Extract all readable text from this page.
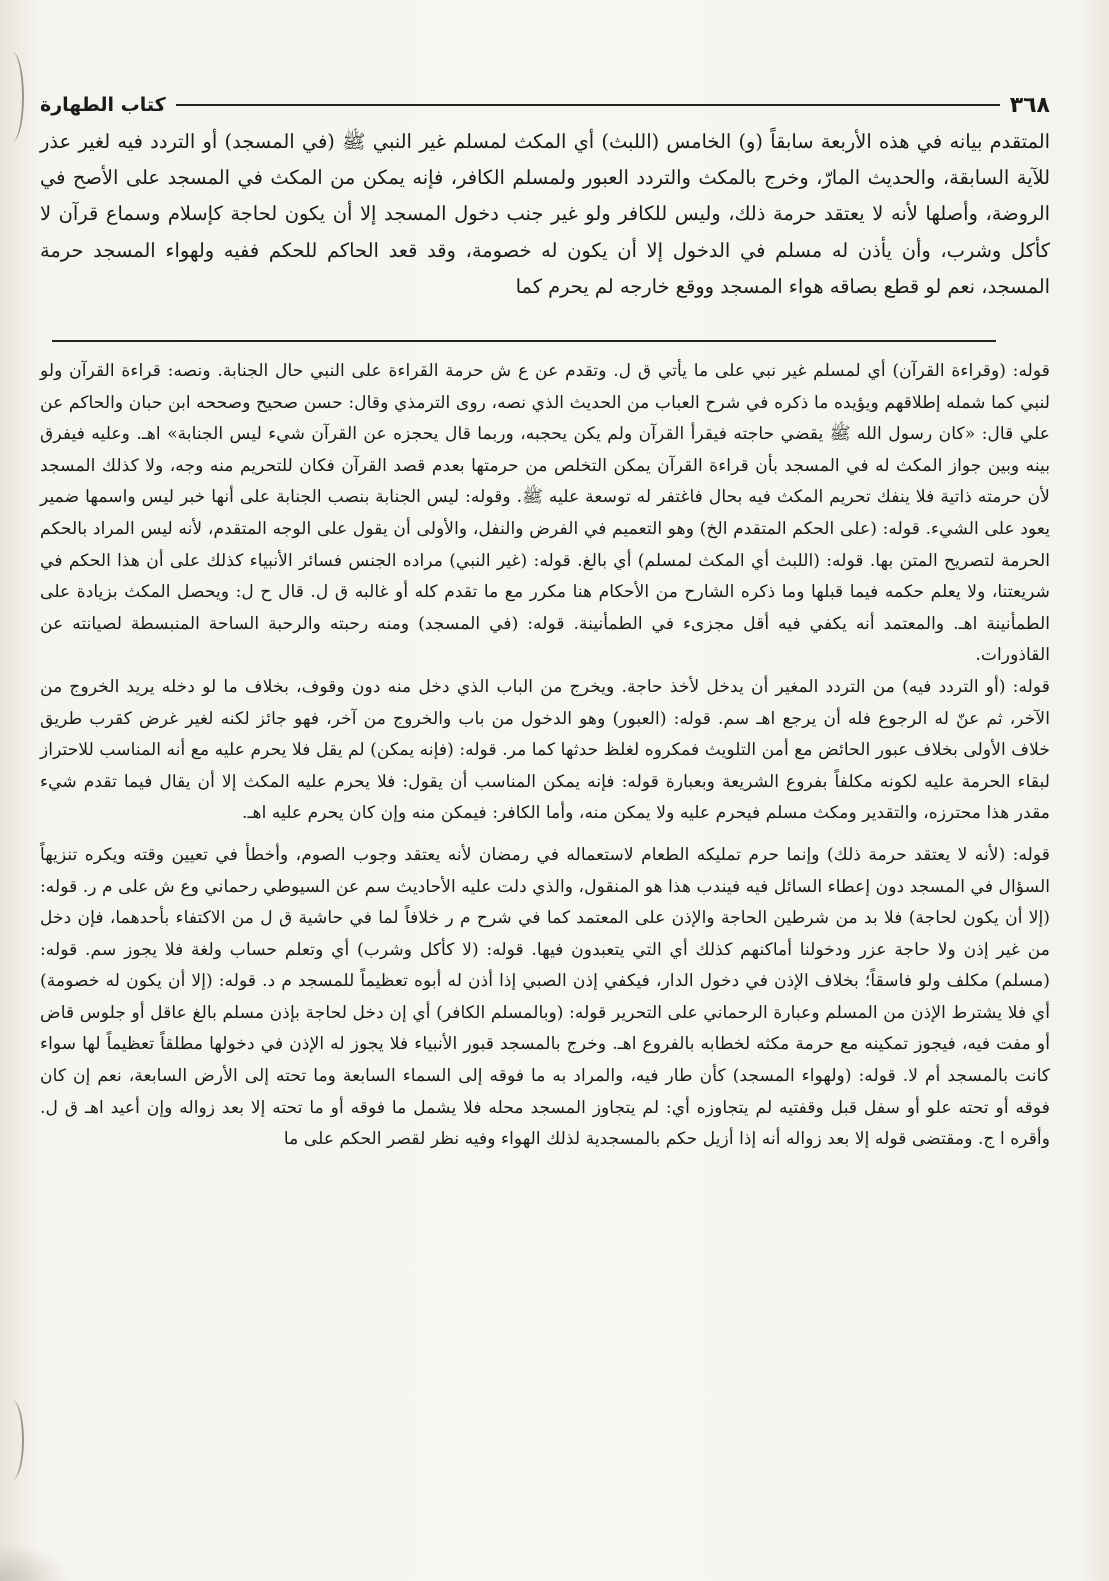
٣٦٨
كتاب الطهارة
المتقدم بيانه في هذه الأربعة سابقاً (و) الخامس (اللبث) أي المكث لمسلم غير النبي ﷺ (في المسجد) أو التردد فيه لغير عذر للآية السابقة، والحديث المارّ، وخرج بالمكث والتردد العبور ولمسلم الكافر، فإنه يمكن من المكث في المسجد على الأصح في الروضة، وأصلها لأنه لا يعتقد حرمة ذلك، وليس للكافر ولو غير جنب دخول المسجد إلا أن يكون لحاجة كإسلام وسماع قرآن لا كأكل وشرب، وأن يأذن له مسلم في الدخول إلا أن يكون له خصومة، وقد قعد الحاكم للحكم ففيه ولهواء المسجد حرمة المسجد، نعم لو قطع بصاقه هواء المسجد ووقع خارجه لم يحرم كما

قوله: (وقراءة القرآن) أي لمسلم غير نبي على ما يأتي ق ل. وتقدم عن ع ش حرمة القراءة على النبي حال الجنابة. ونصه: قراءة القرآن ولو لنبي كما شمله إطلاقهم ويؤيده ما ذكره في شرح العباب من الحديث الذي نصه، روى الترمذي وقال: حسن صحيح وصححه ابن حبان والحاكم عن علي قال: «كان رسول الله ﷺ يقضي حاجته فيقرأ القرآن ولم يكن يحجبه، وربما قال يحجزه عن القرآن شيء ليس الجنابة» اهـ. وعليه فيفرق بينه وبين جواز المكث له في المسجد بأن قراءة القرآن يمكن التخلص من حرمتها بعدم قصد القرآن فكان للتحريم منه وجه، ولا كذلك المسجد لأن حرمته ذاتية فلا ينفك تحريم المكث فيه بحال فاغتفر له توسعة عليه ﷺ. وقوله: ليس الجنابة بنصب الجنابة على أنها خبر ليس واسمها ضمير يعود على الشيء. قوله: (على الحكم المتقدم الخ) وهو التعميم في الفرض والنفل، والأولى أن يقول على الوجه المتقدم، لأنه ليس المراد بالحكم الحرمة لتصريح المتن بها. قوله: (اللبث أي المكث لمسلم) أي بالغ. قوله: (غير النبي) مراده الجنس فسائر الأنبياء كذلك على أن هذا الحكم في شريعتنا، ولا يعلم حكمه فيما قبلها وما ذكره الشارح من الأحكام هنا مكرر مع ما تقدم كله أو غالبه ق ل. قال ح ل: ويحصل المكث بزيادة على الطمأنينة اهـ. والمعتمد أنه يكفي فيه أقل مجزىء في الطمأنينة. قوله: (في المسجد) ومنه رحبته والرحبة الساحة المنبسطة لصيانته عن القاذورات.

قوله: (أو التردد فيه) من التردد المغير أن يدخل لأخذ حاجة. ويخرج من الباب الذي دخل منه دون وقوف، بخلاف ما لو دخله يريد الخروج من الآخر، ثم عنّ له الرجوع فله أن يرجع اهـ سم. قوله: (العبور) وهو الدخول من باب والخروج من آخر، فهو جائز لكنه لغير غرض كقرب طريق خلاف الأولى بخلاف عبور الحائض مع أمن التلويث فمكروه لغلظ حدثها كما مر. قوله: (فإنه يمكن) لم يقل فلا يحرم عليه مع أنه المناسب للاحتراز لبقاء الحرمة عليه لكونه مكلفاً بفروع الشريعة وبعبارة قوله: فإنه يمكن المناسب أن يقول: فلا يحرم عليه المكث إلا أن يقال فيما تقدم شيء مقدر هذا محترزه، والتقدير ومكث مسلم فيحرم عليه ولا يمكن منه، وأما الكافر: فيمكن منه وإن كان يحرم عليه اهـ.

قوله: (لأنه لا يعتقد حرمة ذلك) وإنما حرم تمليكه الطعام لاستعماله في رمضان لأنه يعتقد وجوب الصوم، وأخطأ في تعيين وقته ويكره تنزيهاً السؤال في المسجد دون إعطاء السائل فيه فيندب هذا هو المنقول، والذي دلت عليه الأحاديث سم عن السيوطي رحماني وع ش على م ر. قوله: (إلا أن يكون لحاجة) فلا بد من شرطين الحاجة والإذن على المعتمد كما في شرح م ر خلافاً لما في حاشية ق ل من الاكتفاء بأحدهما، فإن دخل من غير إذن ولا حاجة عزر ودخولنا أماكنهم كذلك أي التي يتعبدون فيها. قوله: (لا كأكل وشرب) أي وتعلم حساب ولغة فلا يجوز سم. قوله: (مسلم) مكلف ولو فاسقاً؛ بخلاف الإذن في دخول الدار، فيكفي إذن الصبي إذا أذن له أبوه تعظيماً للمسجد م د. قوله: (إلا أن يكون له خصومة) أي فلا يشترط الإذن من المسلم وعبارة الرحماني على التحرير قوله: (وبالمسلم الكافر) أي إن دخل لحاجة بإذن مسلم بالغ عاقل أو جلوس قاض أو مفت فيه، فيجوز تمكينه مع حرمة مكثه لخطابه بالفروع اهـ. وخرج بالمسجد قبور الأنبياء فلا يجوز له الإذن في دخولها مطلقاً تعظيماً لها سواء كانت بالمسجد أم لا. قوله: (ولهواء المسجد) كأن طار فيه، والمراد به ما فوقه إلى السماء السابعة وما تحته إلى الأرض السابعة، نعم إن كان فوقه أو تحته علو أو سفل قبل وقفتيه لم يتجاوزه أي: لم يتجاوز المسجد محله فلا يشمل ما فوقه أو ما تحته إلا بعد زواله وإن أعيد اهـ ق ل. وأقره ا ج. ومقتضى قوله إلا بعد زواله أنه إذا أزيل حكم بالمسجدية لذلك الهواء وفيه نظر لقصر الحكم على ما
